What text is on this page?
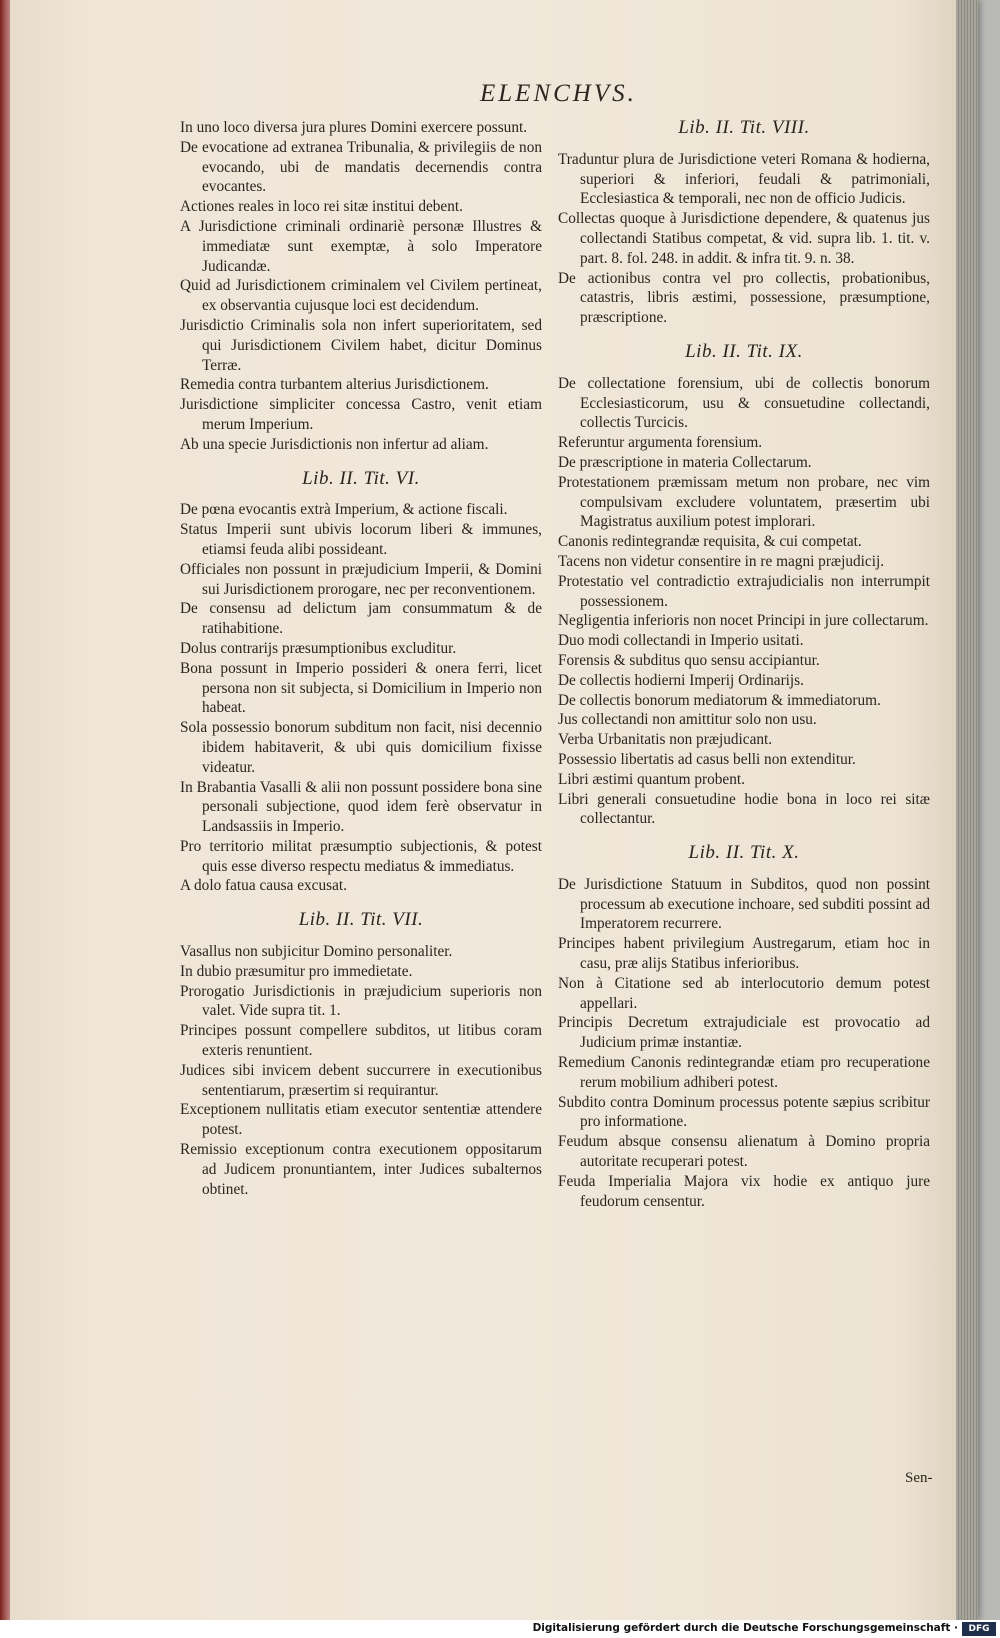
ELENCHVS.

In uno loco diversa jura plures Domini exercere possunt.

De evocatione ad extranea Tribunalia, & privilegiis de non evocando, ubi de mandatis decernendis contra evocantes.

Actiones reales in loco rei sitæ institui debent.

A Jurisdictione criminali ordinariè personæ Illustres & immediatæ sunt exemptæ, à solo Imperatore Judicandæ.

Quid ad Jurisdictionem criminalem vel Civilem pertineat, ex observantia cujusque loci est decidendum.

Jurisdictio Criminalis sola non infert superioritatem, sed qui Jurisdictionem Civilem habet, dicitur Dominus Terræ.

Remedia contra turbantem alterius Jurisdictionem.

Jurisdictione simpliciter concessa Castro, venit etiam merum Imperium.

Ab una specie Jurisdictionis non infertur ad aliam.

Lib. II. Tit. VI.

De pœna evocantis extrà Imperium, & actione fiscali.

Status Imperii sunt ubivis locorum liberi & immunes, etiamsi feuda alibi possideant.

Officiales non possunt in præjudicium Imperii, & Domini sui Jurisdictionem prorogare, nec per reconventionem.

De consensu ad delictum jam consummatum & de ratihabitione.

Dolus contrarijs præsumptionibus excluditur.

Bona possunt in Imperio possideri & onera ferri, licet persona non sit subjecta, si Domicilium in Imperio non habeat.

Sola possessio bonorum subditum non facit, nisi decennio ibidem habitaverit, & ubi quis domicilium fixisse videatur.

In Brabantia Vasalli & alii non possunt possidere bona sine personali subjectione, quod idem ferè observatur in Landsassiis in Imperio.

Pro territorio militat præsumptio subjectionis, & potest quis esse diverso respectu mediatus & immediatus.

A dolo fatua causa excusat.

Lib. II. Tit. VII.

Vasallus non subjicitur Domino personaliter.

In dubio præsumitur pro immedietate.

Prorogatio Jurisdictionis in præjudicium superioris non valet. Vide supra tit. 1.

Principes possunt compellere subditos, ut litibus coram exteris renuntient.

Judices sibi invicem debent succurrere in executionibus sententiarum, præsertim si requirantur.

Exceptionem nullitatis etiam executor sententiæ attendere potest.

Remissio exceptionum contra executionem oppositarum ad Judicem pronuntiantem, inter Judices subalternos obtinet.

Lib. II. Tit. VIII.

Traduntur plura de Jurisdictione veteri Romana & hodierna, superiori & inferiori, feudali & patrimoniali, Ecclesiastica & temporali, nec non de officio Judicis.

Collectas quoque à Jurisdictione dependere, & quatenus jus collectandi Statibus competat, & vid. supra lib. 1. tit. v. part. 8. fol. 248. in addit. & infra tit. 9. n. 38.

De actionibus contra vel pro collectis, probationibus, catastris, libris æstimi, possessione, præsumptione, præscriptione.

Lib. II. Tit. IX.

De collectatione forensium, ubi de collectis bonorum Ecclesiasticorum, usu & consuetudine collectandi, collectis Turcicis.

Referuntur argumenta forensium.

De præscriptione in materia Collectarum.

Protestationem præmissam metum non probare, nec vim compulsivam excludere voluntatem, præsertim ubi Magistratus auxilium potest implorari.

Canonis redintegrandæ requisita, & cui competat.

Tacens non videtur consentire in re magni præjudicij.

Protestatio vel contradictio extrajudicialis non interrumpit possessionem.

Negligentia inferioris non nocet Principi in jure collectarum.

Duo modi collectandi in Imperio usitati.

Forensis & subditus quo sensu accipiantur.

De collectis hodierni Imperij Ordinarijs.

De collectis bonorum mediatorum & immediatorum.

Jus collectandi non amittitur solo non usu.

Verba Urbanitatis non præjudicant.

Possessio libertatis ad casus belli non extenditur.

Libri æstimi quantum probent.

Libri generali consuetudine hodie bona in loco rei sitæ collectantur.

Lib. II. Tit. X.

De Jurisdictione Statuum in Subditos, quod non possint processum ab executione inchoare, sed subditi possint ad Imperatorem recurrere.

Principes habent privilegium Austregarum, etiam hoc in casu, præ alijs Statibus inferioribus.

Non à Citatione sed ab interlocutorio demum potest appellari.

Principis Decretum extrajudiciale est provocatio ad Judicium primæ instantiæ.

Remedium Canonis redintegrandæ etiam pro recuperatione rerum mobilium adhiberi potest.

Subdito contra Dominum processus potente sæpius scribitur pro informatione.

Feudum absque consensu alienatum à Domino propria autoritate recuperari potest.

Feuda Imperialia Majora vix hodie ex antiquo jure feudorum censentur.

Sen-
Digitalisierung gefördert durch die Deutsche Forschungsgemeinschaft ·	DFG
